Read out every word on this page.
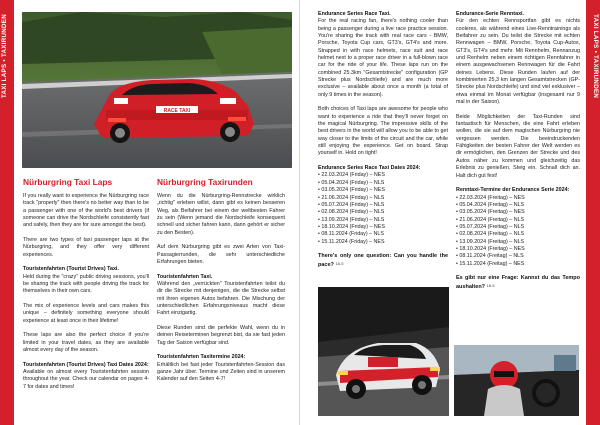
TAXI LAPS • TAXIRUNDEN
RACE TAXI
Nürburgring Taxi Laps

If you really want to experience the Nürburgring race track "properly" then there's no better way than to be a passenger with one of the world's best drivers (if someone can drive the Nordschleife consistently fast and safely, then they are for sure amongst the best).

There are two types of taxi passenger laps at the Nürburgring, and they offer very different experiences.

Touristenfahrten (Tourist Drives) Taxi.

Held during the "crazy" public driving sessions, you'll be sharing the track with people driving the track for themselves in their own cars.

The mix of experience levels and cars makes this unique – definitely something everyone should experience at least once in their lifetime!

These laps are also the perfect choice if you're limited in your travel dates, as they are available almost every day of the season.

Touristenfahrten (Tourist Drives) Taxi Dates 2024:

Available on almost every Touristenfahrten session throughout the year. Check our calendar on pages 4-7 for dates and times!

Nürburgring Taxirunden

Wenn du die Nürburgring-Rennstrecke wirklich „richtig" erleben willst, dann gibt es keinen besseren Weg, als Beifahrer bei einem der weltbesten Fahrer zu sein (Wenn jemand die Nordschleife konsequent schnell und sicher fahren kann, dann gehört er sicher zu den Besten).

Auf dem Nürburgring gibt es zwei Arten von Taxi-Passagierrunden, die sehr unterschiedliche Erfahrungen bieten.

Touristenfahrten Taxi.

Während den „verrückten" Touristenfahrten teilst du dir die Strecke mit denjenigen, die die Strecke selbst mit ihren eigenen Autos befahren. Die Mischung der unterschiedlichen Erfahrungsniveaus macht diese Fahrt einzigartig.

Diese Runden sind die perfekte Wahl, wenn du in deinen Reiseterminen begrenzt bist, da sie fast jeden Tag der Saison verfügbar sind.

Touristenfahrten Taxitermine 2024:

Erhältlich bei fast jeder Touristenfahrten-Session das ganze Jahr über. Termine und Zeiten sind in unserem Kalender auf den Seiten 4-7!

TAXI LAPS • TAXIRUNDEN
Endurance Series Race Taxi.

For the real racing fan, there's nothing cooler than being a passenger during a live race practice session. You're sharing the track with real race cars - BMW, Porsche, Toyota Cup cars, GT3's, GT4's and more. Strapped in with race helmets, race suit and race helmet next to a proper race driver in a full-blown race car for the ride of your life. These laps run on the combined 25.3km "Gesamtstrecke" configuration (GP Strecke plus Nordschleife) and are much more exclusive – available about once a month (a total of only 9 times in the season).

Both choices of Taxi laps are awesome for people who want to experience a ride that they'll never forget on the magical Nürburgring. The impressive skills of the best drivers in the world will allow you to be able to get way closer to the limits of the circuit and the car, while still enjoying the experience. Get on board. Strap yourself in. Hold on tight!

Endurance Series Race Taxi Dates 2024:
• 22.03.2024 (Friday) – NES
• 05.04.2024 (Friday) – NLS
• 03.05.2024 (Friday) – NES
• 21.06.2024 (Friday) – NLS
• 05.07.2024 (Friday) – NLS
• 02.08.2024 (Friday) – NLS
• 13.09.2024 (Friday) – NLS
• 18.10.2024 (Friday) – NES
• 08.11.2024 (Friday) – NLS
• 15.11.2024 (Friday) – NES
There's only one question: Can you handle the pace? 18-5
Endurance-Serie Renntaxi.

Für den echten Rennsportfan gibt es nichts cooleres, als während eines Live-Renntrainings als Beifahrer zu sein. Du teilst die Strecke mit echten Rennwagen – BMW, Porsche, Toyota Cup-Autos, GT3's, GT4's und mehr. Mit Rennhelm, Rennanzug und Renhelm neben einem richtigen Rennfahrer in einem ausgewachsenen Rennwagen für die Fahrt deines Lebens. Diese Runden laufen auf der kombinierten 25,3 km langen Gesamtstrecken (GP-Strecke plus Nordschleife) und sind viel exklusiver – etwa einmal im Monat verfügbar (insgesamt nur 9 mal in der Saison).

Beide Möglichkeiten der Taxi-Runden sind fantastisch für Menschen, die eine Fahrt erleben wollen, die sie auf dem magischen Nürburgring nie vergessen werden. Die beeindruckenden Fähigkeiten der besten Fahrer der Welt werden es dir ermöglichen, den Grenzen der Strecke und des Autos näher zu kommen und gleichzeitig das Erlebnis zu genießen. Steig ein. Schnall dich an. Halt dich gut fest!

Renntaxi-Termine der Endurance Serie 2024:
• 22.03.2024 (Freitag) – NES
• 05.04.2024 (Freitag) – NLS
• 03.05.2024 (Freitag) – NES
• 21.06.2024 (Freitag) – NLS
• 05.07.2024 (Freitag) – NLS
• 02.08.2024 (Freitag) – NLS
• 13.09.2024 (Freitag) – NLS
• 18.10.2024 (Freitag) – NES
• 08.11.2024 (Freitag) – NLS
• 15.11.2024 (Freitag) – NES
Es gibt nur eine Frage: Kannst du das Tempo aushalten? 18-5
